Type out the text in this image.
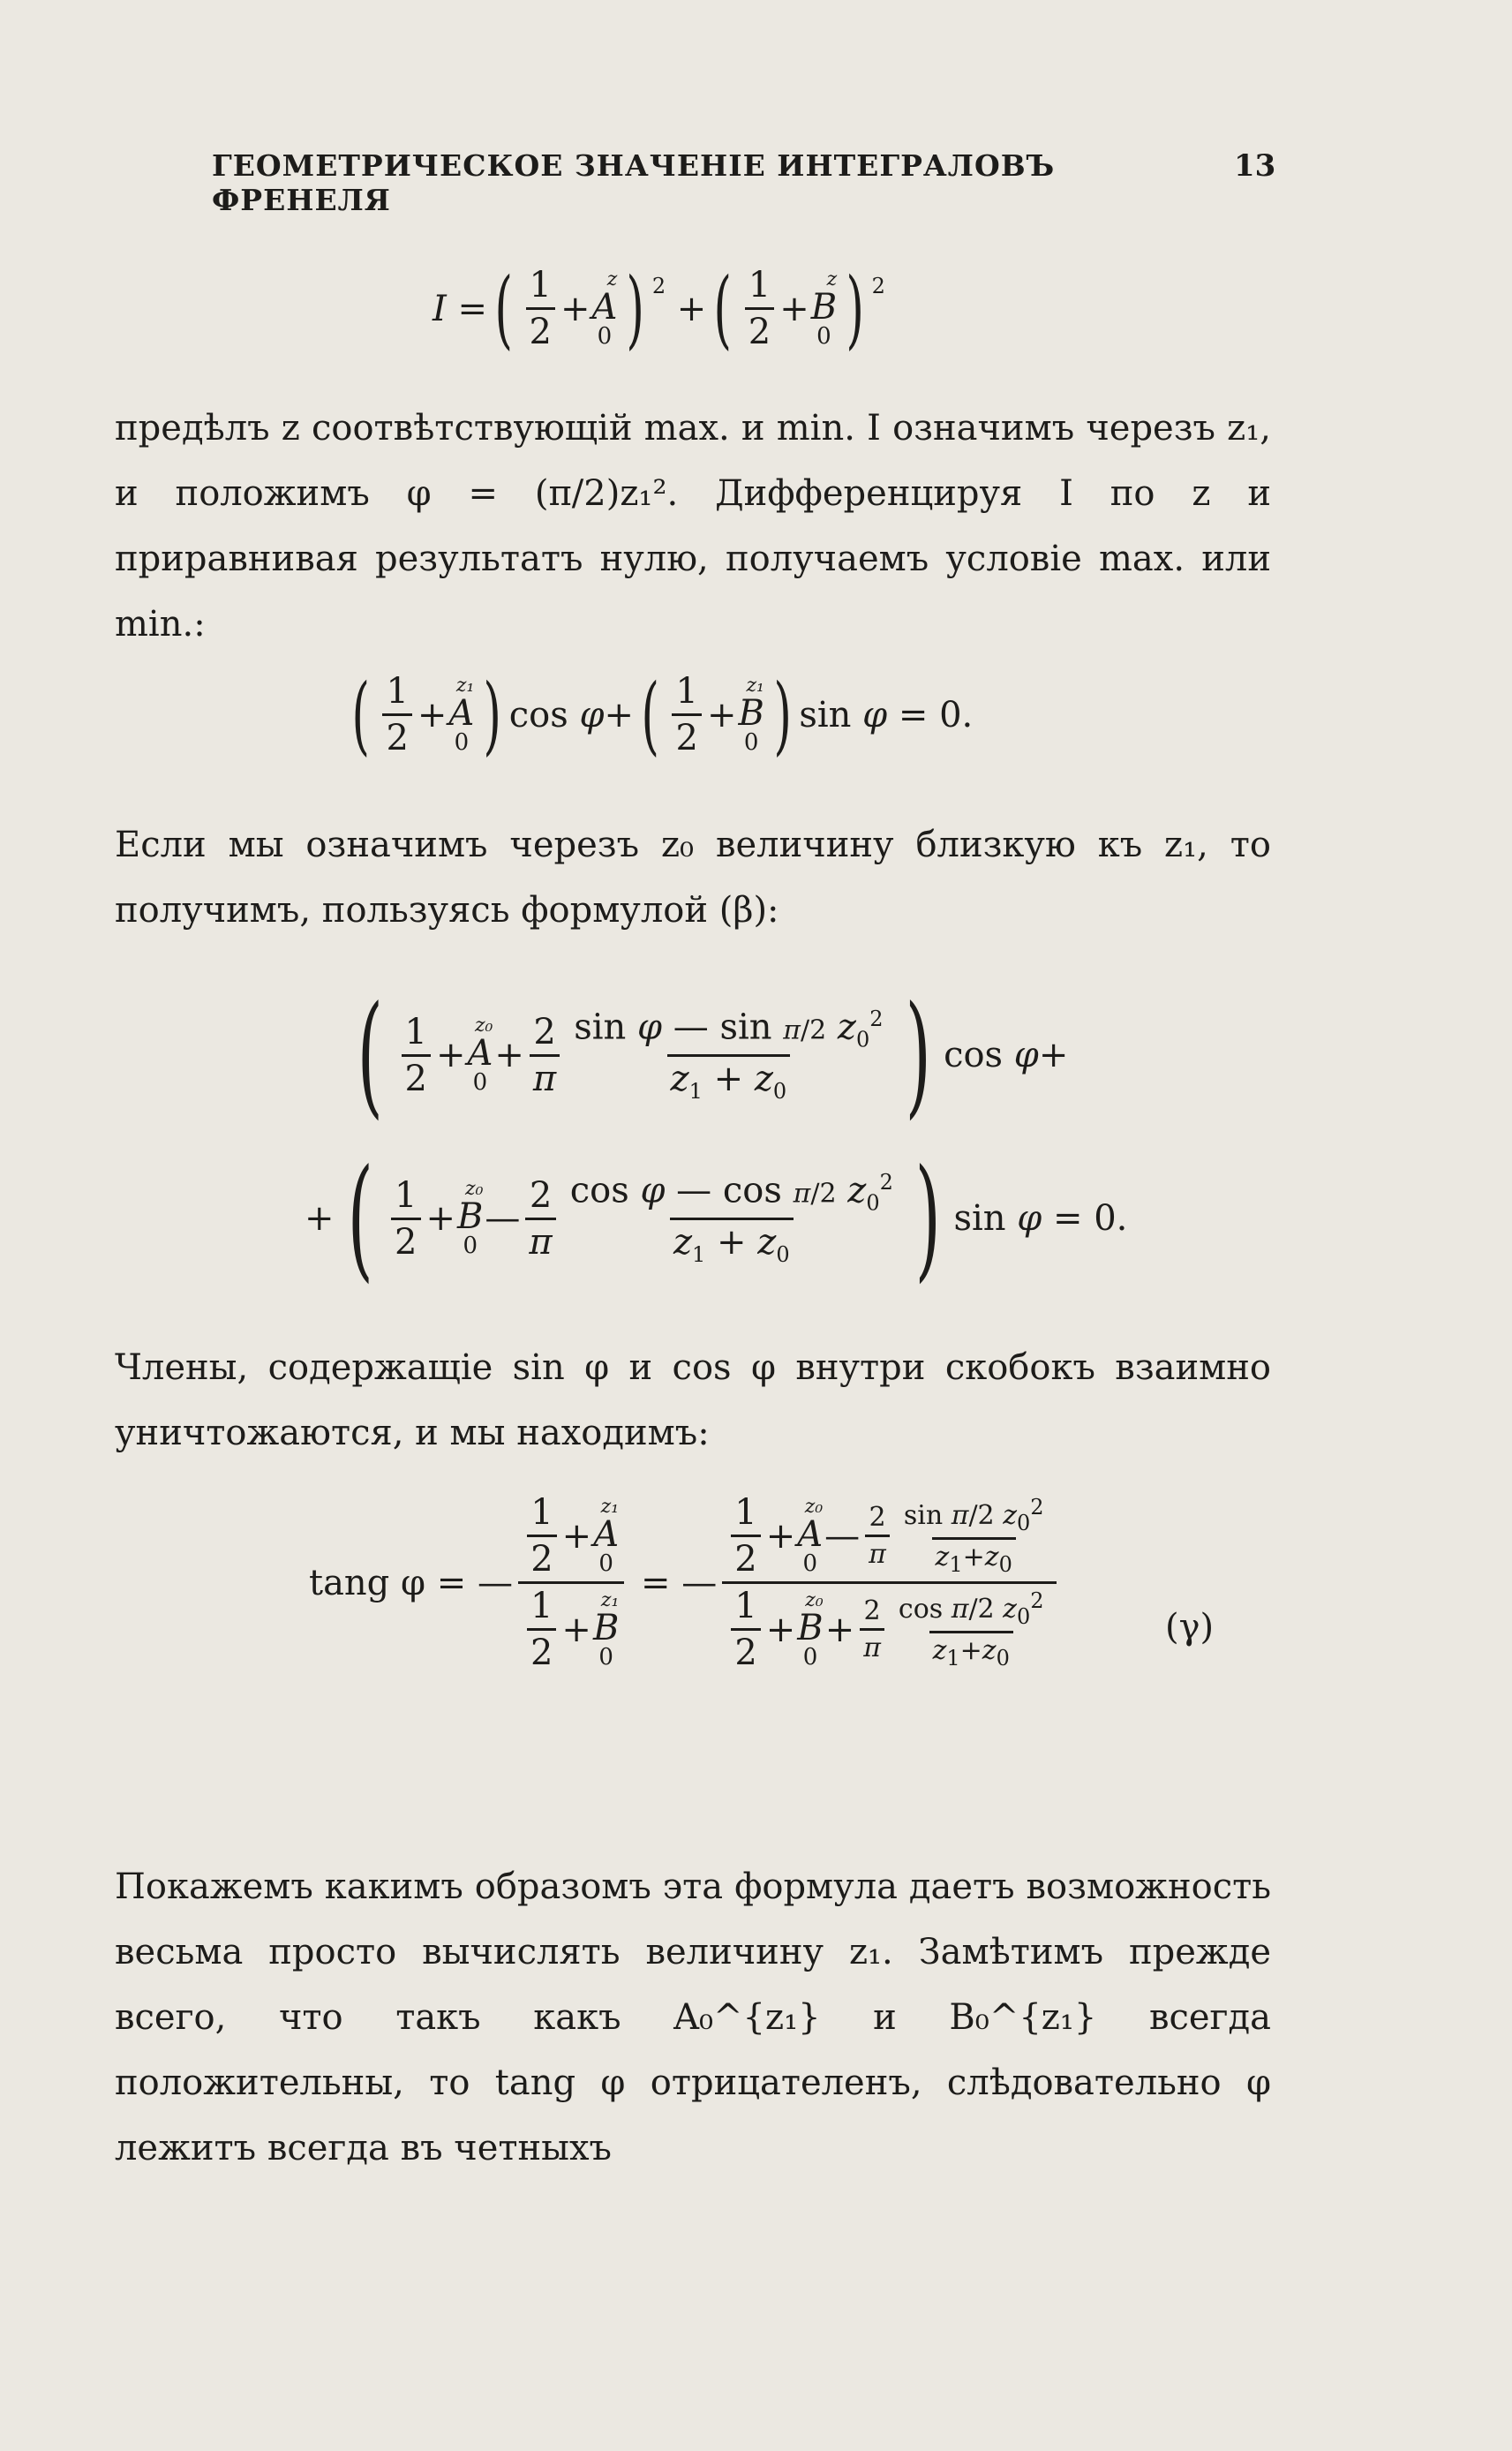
ГЕОМЕТРИЧЕСКОЕ ЗНАЧЕНIЕ ИНТЕГРАЛОВЪ ФРЕНЕЛЯ
13
I = ( $\frac{1}{2}$ +
z
A
0 ) $^2$
+ ( $\frac{1}{2}$ +
z
B
0 ) $^2$
предѣлъ z соотвѣтствующiй max. и min. I означимъ черезъ z₁, и положимъ φ = (π/2)z₁². Дифференцируя I по z и приравнивая результатъ нулю, получаемъ условiе max. или min.:
( $\frac{1}{2}$ +
z₁
A
0 ) cos φ+ ( $\frac{1}{2}$ +
z₁
B
0 ) sin φ = 0.
Если мы означимъ черезъ z₀ величину близкую къ z₁, то получимъ, пользуясь формулой (β):
( $\frac{1}{2}$ +
z₀
A
0
+ $\frac{2}{\pi} \frac{\sin \varphi — \sin \pi/2 z_0^2}{z_1 + z_0}$ ) cos φ+
+ ( $\frac{1}{2}$ +
z₀
B
0
— $\frac{2}{\pi} \frac{\cos \varphi — \cos \pi/2 z_0^2}{z_1 + z_0}$ ) sin φ = 0.
Члены, содержащiе sin φ и cos φ внутри скобокъ взаимно уничтожаются, и мы находимъ:
tang φ = — $\frac{1}{2}$ +
z₁
A
0
$\frac{1}{2}$ +
z₁
B
0 = — $\frac{1}{2}$ +
z₀
A
0
— $\frac{2}{\pi} \frac{\sin \pi/2 z_0^2}{z_1+z_0}$
$\frac{1}{2}$ +
z₀
B
0
+ $\frac{2}{\pi} \frac{\cos \pi/2 z_0^2}{z_1+z_0}$	(γ)
Покажемъ какимъ образомъ эта формула даетъ возможность весьма просто вычислять величину z₁. Замѣтимъ прежде всего, что такъ какъ A₀^{z₁} и B₀^{z₁} всегда положительны, то tang φ отрицателенъ, слѣдовательно φ лежитъ всегда въ четныхъ
